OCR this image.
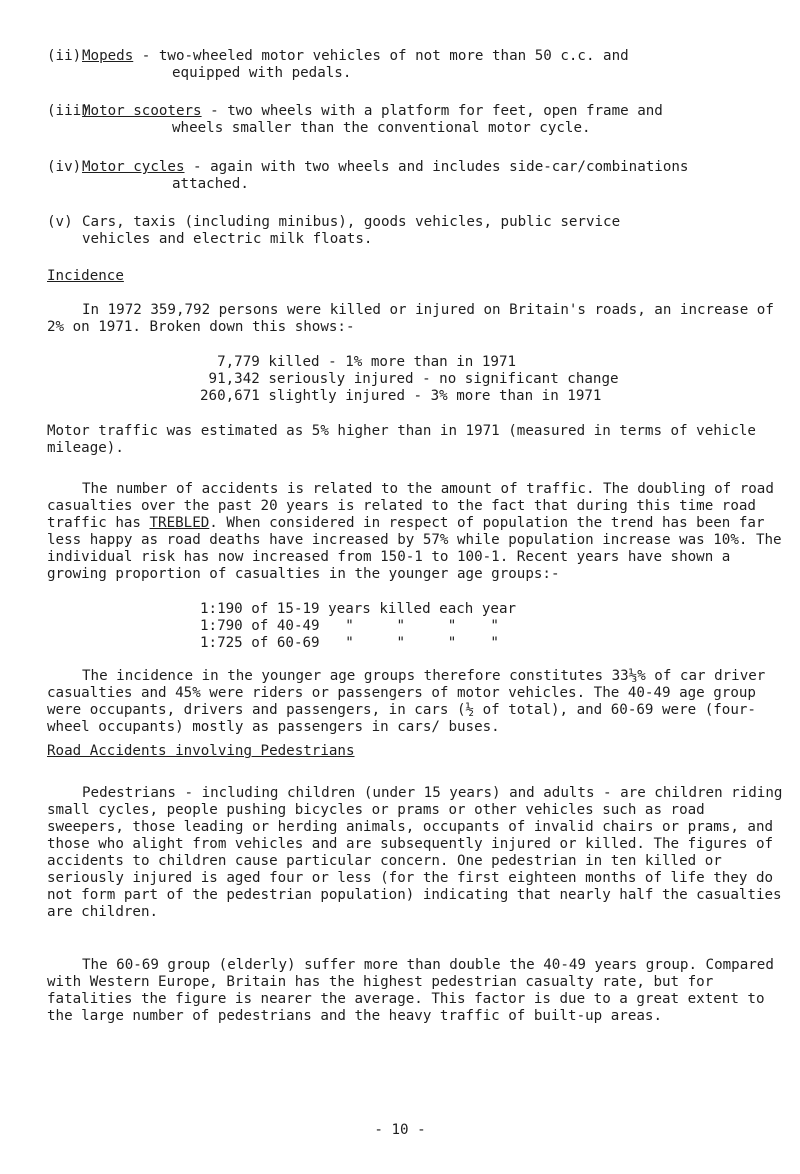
(ii) Mopeds - two-wheeled motor vehicles of not more than 50 c.c. and
equipped with pedals.
(iii)
Motor scooters - two wheels with a platform for feet, open frame and
wheels smaller than the conventional motor cycle.
(iv) Motor cycles - again with two wheels and includes side-car/combinations
attached.
(v) Cars, taxis (including minibus), goods vehicles, public service
vehicles and electric milk floats.
Incidence
In 1972 359,792 persons were killed or injured on Britain's roads, an increase of 2% on 1971. Broken down this shows:-
7,779 killed - 1% more than in 1971
91,342 seriously injured - no significant change
260,671 slightly injured - 3% more than in 1971
Motor traffic was estimated as 5% higher than in 1971 (measured in terms of vehicle mileage).
The number of accidents is related to the amount of traffic. The doubling of road casualties over the past 20 years is related to the fact that during this time road traffic has TREBLED. When considered in respect of population the trend has been far less happy as road deaths have increased by 57% while population increase was 10%. The individual risk has now increased from 150-1 to 100-1. Recent years have shown a growing proportion of casualties in the younger age groups:-
1:190 of 15-19 years killed each year
1:790 of 40-49   "     "     "    "
1:725 of 60-69   "     "     "    "
The incidence in the younger age groups therefore constitutes 33⅓% of car driver casualties and 45% were riders or passengers of motor vehicles. The 40-49 age group were occupants, drivers and passengers, in cars (½ of total), and 60-69 were (four-wheel occupants) mostly as passengers in cars/ buses.
Road Accidents involving Pedestrians
Pedestrians - including children (under 15 years) and adults - are children riding small cycles, people pushing bicycles or prams or other vehicles such as road sweepers, those leading or herding animals, occupants of invalid chairs or prams, and those who alight from vehicles and are subsequently injured or killed. The figures of accidents to children cause particular concern. One pedestrian in ten killed or seriously injured is aged four or less (for the first eighteen months of life they do not form part of the pedestrian population) indicating that nearly half the casualties are children.
The 60-69 group (elderly) suffer more than double the 40-49 years group. Compared with Western Europe, Britain has the highest pedestrian casualty rate, but for fatalities the figure is nearer the average. This factor is due to a great extent to the large number of pedestrians and the heavy traffic of built-up areas.
- 10 -
